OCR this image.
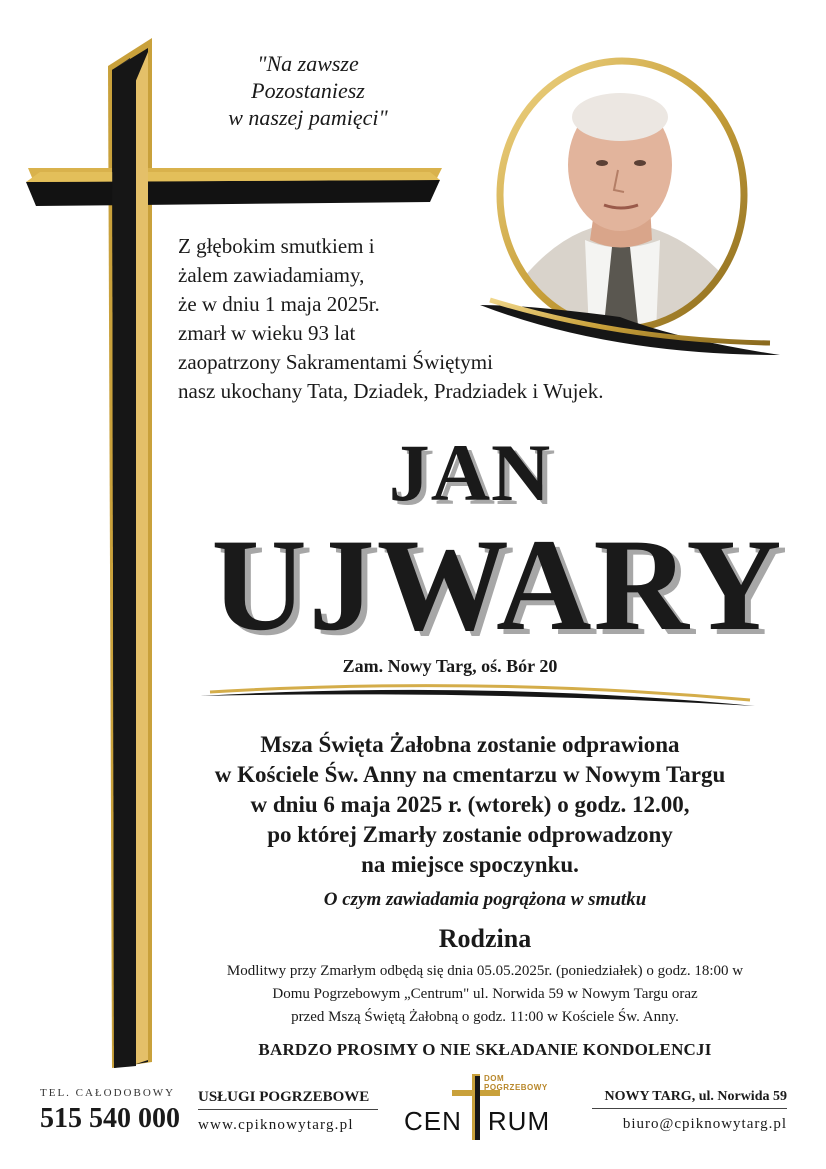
"Na zawsze
Pozostaniesz
w naszej pamięci"
Z głębokim smutkiem i
żalem zawiadamiamy,
że w dniu 1 maja 2025r.
zmarł w wieku 93 lat
zaopatrzony Sakramentami Świętymi
nasz ukochany Tata, Dziadek, Pradziadek i Wujek.
JAN
UJWARY
Zam. Nowy Targ, oś. Bór 20
Msza Święta Żałobna zostanie odprawiona
w Kościele Św. Anny na cmentarzu w Nowym Targu
w dniu 6 maja 2025 r. (wtorek) o godz. 12.00,
po której Zmarły zostanie odprowadzony
na miejsce spoczynku.
O czym zawiadamia pogrążona w smutku
Rodzina
Modlitwy przy Zmarłym odbędą się dnia 05.05.2025r. (poniedziałek) o godz. 18:00 w
Domu Pogrzebowym „Centrum" ul. Norwida 59 w Nowym Targu oraz
przed Mszą Świętą Żałobną o godz. 11:00 w Kościele Św. Anny.
BARDZO PROSIMY O NIE SKŁADANIE KONDOLENCJI
TEL. CAŁODOBOWY
515 540 000
USŁUGI POGRZEBOWE
www.cpiknowytarg.pl
DOM
POGRZEBOWY
CEN RUM
NOWY TARG, ul. Norwida 59
biuro@cpiknowytarg.pl
